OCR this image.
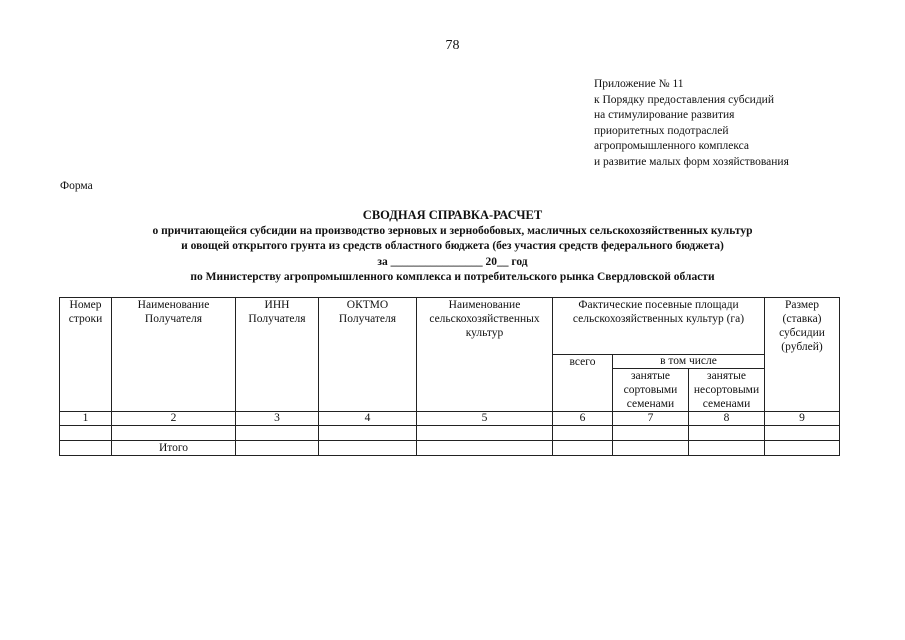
78
Приложение № 11
к Порядку предоставления субсидий
на стимулирование развития
приоритетных подотраслей
агропромышленного комплекса
и развитие малых форм хозяйствования
Форма
СВОДНАЯ СПРАВКА-РАСЧЕТ
о причитающейся субсидии на производство зерновых и зернобобовых, масличных сельскохозяйственных культур
и овощей открытого грунта из средств областного бюджета (без участия средств федерального бюджета)
за ________________ 20__ год
по Министерству агропромышленного комплекса и потребительского рынка Свердловской области
Номер строки	Наименование Получателя	ИНН Получателя	ОКТМО Получателя	Наименование сельскохозяйственных культур	Фактические посевные площади сельскохозяйственных культур (га)			Размер (ставка) субсидии (рублей)
					всего	в том числе		
						занятые сортовыми семенами	занятые несортовыми семенами	
1	2	3	4	5	6	7	8	9

	Итого							
